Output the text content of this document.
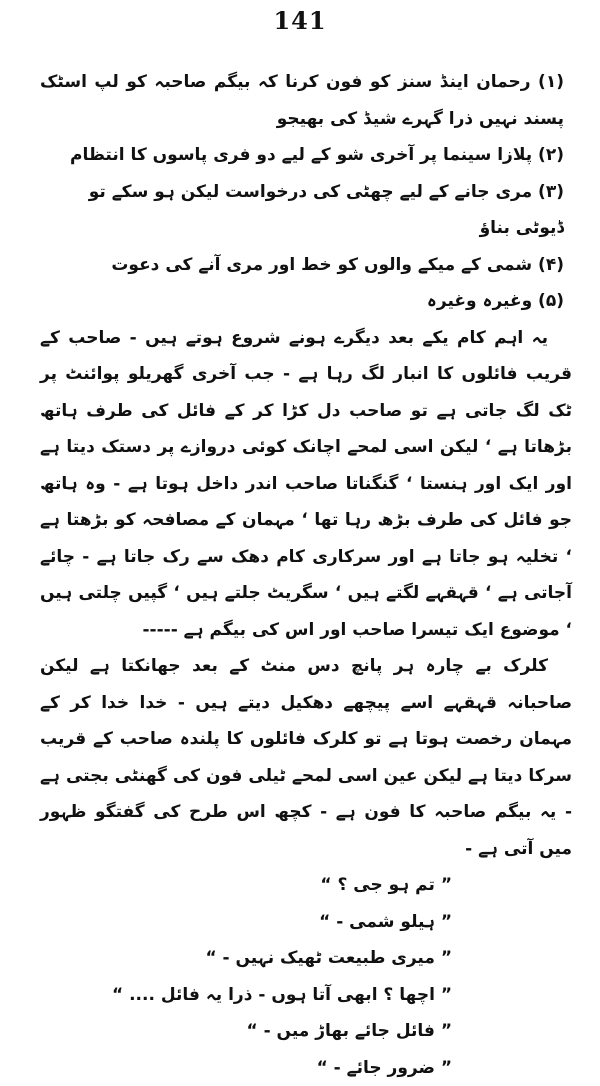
141

(۱) رحمان اینڈ سنز کو فون کرنا کہ بیگم صاحبہ کو لپ اسٹک پسند نہیں ذرا گہرے شیڈ کی بھیجو

(۲) پلازا سینما پر آخری شو کے لیے دو فری پاسوں کا انتظام

(۳) مری جانے کے لیے چھٹی کی درخواست لیکن ہو سکے تو ڈیوٹی بناؤ

(۴) شمی کے میکے والوں کو خط اور مری آنے کی دعوت

(۵) وغیرہ وغیرہ

یہ اہم کام یکے بعد دیگرے ہونے شروع ہوتے ہیں - صاحب کے قریب فائلوں کا انبار لگ رہا ہے - جب آخری گھریلو پوائنٹ پر ٹک لگ جاتی ہے تو صاحب دل کڑا کر کے فائل کی طرف ہاتھ بڑھاتا ہے ‘ لیکن اسی لمحے اچانک کوئی دروازے پر دستک دیتا ہے اور ایک اور ہنستا ‘ گنگناتا صاحب اندر داخل ہوتا ہے - وہ ہاتھ جو فائل کی طرف بڑھ رہا تھا ‘ مہمان کے مصافحہ کو بڑھتا ہے ‘ تخلیہ ہو جاتا ہے اور سرکاری کام دھک سے رک جاتا ہے - چائے آجاتی ہے ‘ قہقہے لگتے ہیں ‘ سگریٹ جلتے ہیں ‘ گپیں چلتی ہیں ‘ موضوع ایک تیسرا صاحب اور اس کی بیگم ہے -----

کلرک بے چارہ ہر پانچ دس منٹ کے بعد جھانکتا ہے لیکن صاحبانہ قہقہے اسے پیچھے دھکیل دیتے ہیں - خدا خدا کر کے مہمان رخصت ہوتا ہے تو کلرک فائلوں کا پلندہ صاحب کے قریب سرکا دیتا ہے لیکن عین اسی لمحے ٹیلی فون کی گھنٹی بجتی ہے - یہ بیگم صاحبہ کا فون ہے - کچھ اس طرح کی گفتگو ظہور میں آتی ہے -

” تم ہو جی ؟ “

” ہیلو شمی - “

” میری طبیعت ٹھیک نہیں - “

” اچھا ؟ ابھی آتا ہوں - ذرا یہ فائل .... “

” فائل جائے بھاڑ میں - “

” ضرور جائے - “
